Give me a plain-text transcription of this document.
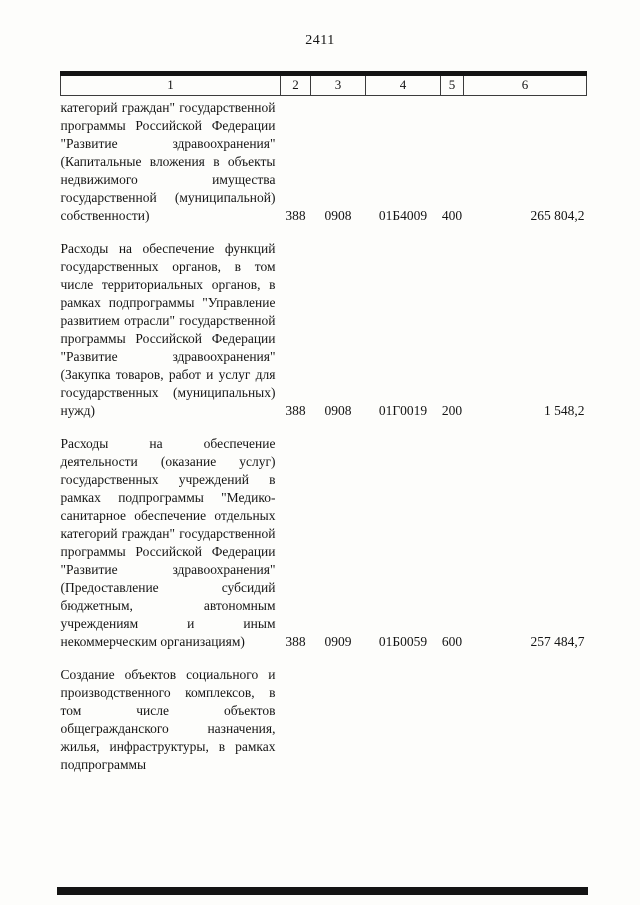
2411
1	2	3	4	5	6
категорий граждан" государственной программы Российской Федерации "Развитие здравоохранения" (Капитальные вложения в объекты недвижимого имущества государственной (муниципальной) собственности)	388	0908	01Б4009	400	265 804,2
Расходы на обеспечение функций государственных органов, в том числе территориальных органов, в рамках подпрограммы "Управление развитием отрасли" государственной программы Российской Федерации "Развитие здравоохранения" (Закупка товаров, работ и услуг для государственных (муниципальных) нужд)	388	0908	01Г0019	200	1 548,2
Расходы на обеспечение деятельности (оказание услуг) государственных учреждений в рамках подпрограммы "Медико-санитарное обеспечение отдельных категорий граждан" государственной программы Российской Федерации "Развитие здравоохранения" (Предоставление субсидий бюджетным, автономным учреждениям и иным некоммерческим организациям)	388	0909	01Б0059	600	257 484,7
Создание объектов социального и производственного комплексов, в том числе объектов общегражданского назначения, жилья, инфраструктуры, в рамках подпрограммы					
